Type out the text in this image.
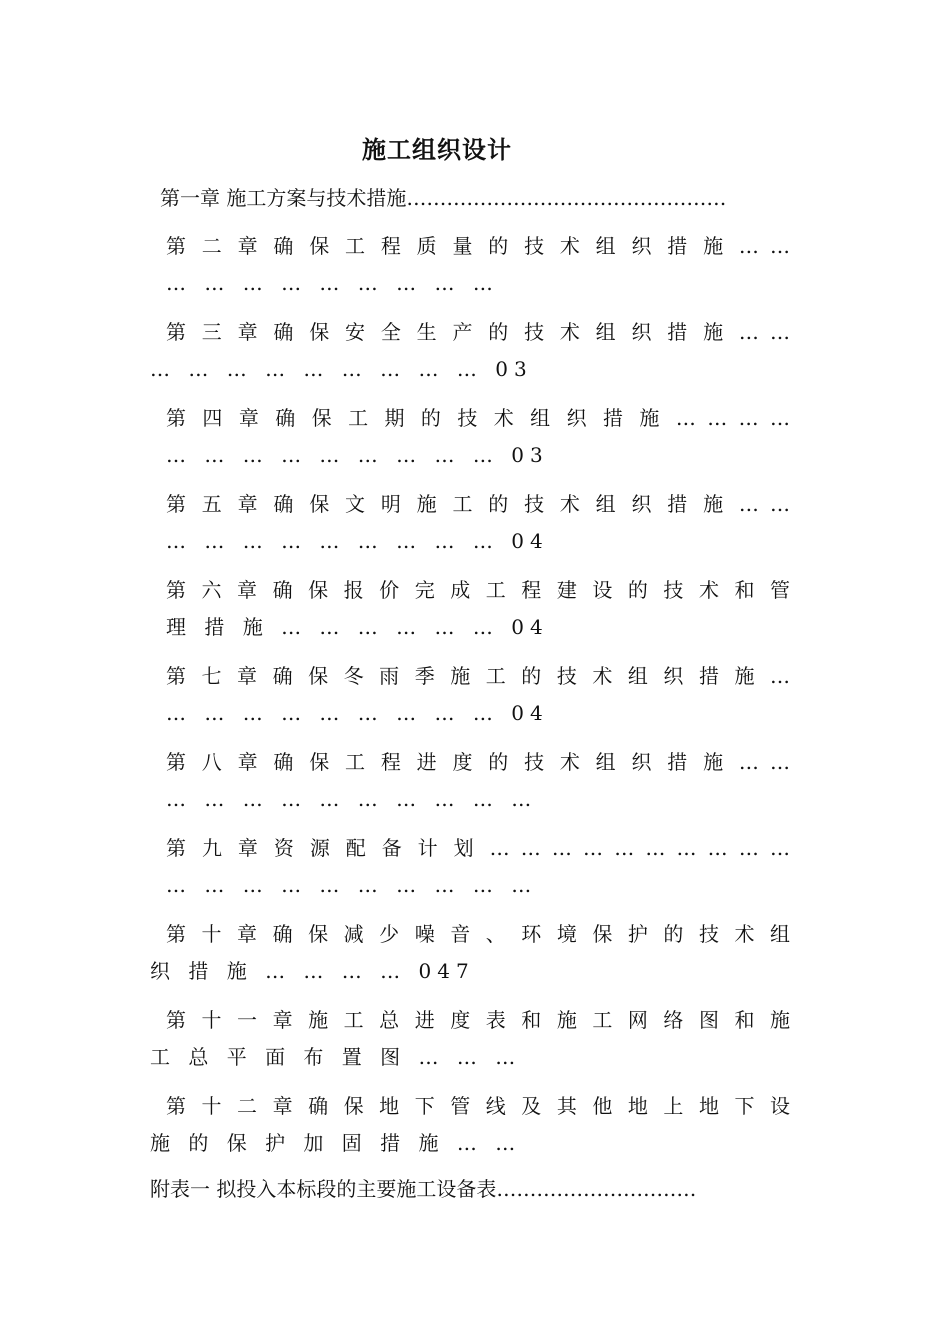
施工组织设计
第一章 施工方案与技术措施…………………………………………
第 二 章 确 保 工 程 质 量 的 技 术 组 织 措 施 … …
… … … … … … … … …
第 三 章 确 保 安 全 生 产 的 技 术 组 织 措 施 … …
… … … … … … … … … 03
第 四 章 确 保 工 期 的 技 术 组 织 措 施 … … … …
… … … … … … … … … 03
第 五 章 确 保 文 明 施 工 的 技 术 组 织 措 施 … …
… … … … … … … … … 04
第 六 章 确 保 报 价 完 成 工 程 建 设 的 技 术 和 管
理 措 施 … … … … … … 04
第 七 章 确 保 冬 雨 季 施 工 的 技 术 组 织 措 施 …
… … … … … … … … … 04
第 八 章 确 保 工 程 进 度 的 技 术 组 织 措 施 … …
… … … … … … … … … …
第 九 章 资 源 配 备 计 划 … … … … … … … … … …
… … … … … … … … … …
第 十 章 确 保 减 少 噪 音 、 环 境 保 护 的 技 术 组
织 措 施 … … … … 047
第 十 一 章 施 工 总 进 度 表 和 施 工 网 络 图 和 施
工 总 平 面 布 置 图 … … …
第 十 二 章 确 保 地 下 管 线 及 其 他 地 上 地 下 设
施 的 保 护 加 固 措 施 … …
附表一 拟投入本标段的主要施工设备表…………………………
